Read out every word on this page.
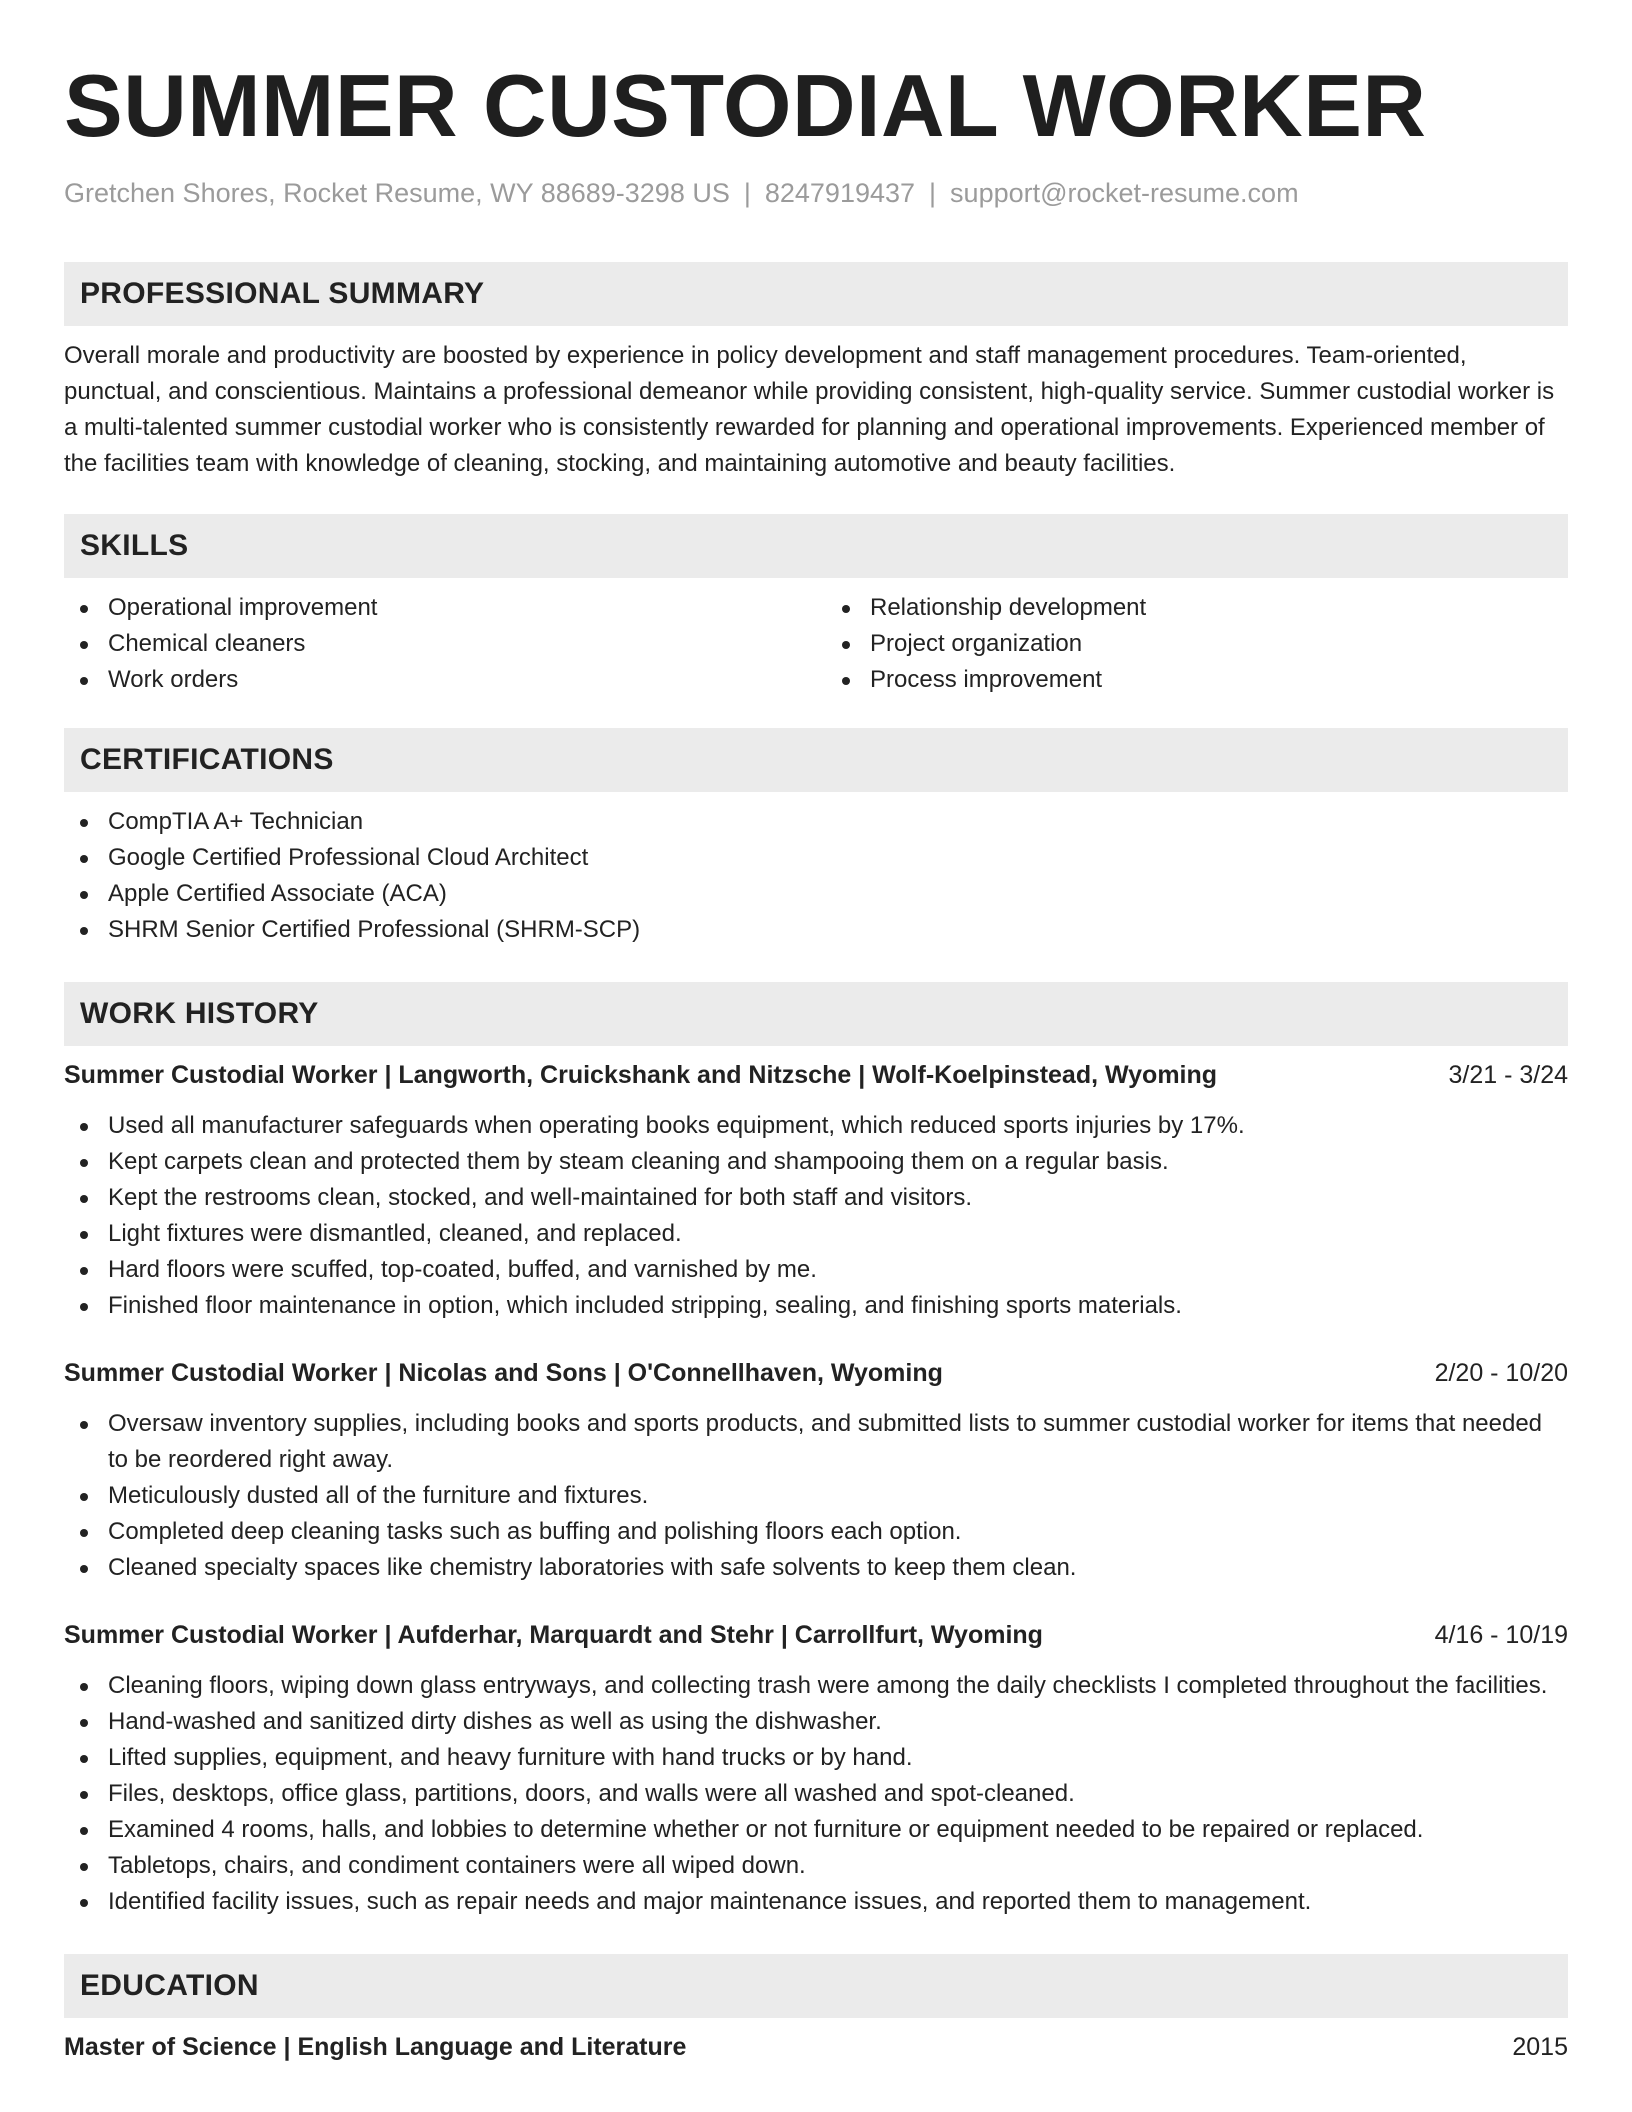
SUMMER CUSTODIAL WORKER
Gretchen Shores, Rocket Resume, WY 88689-3298 US | 8247919437 | support@rocket-resume.com
PROFESSIONAL SUMMARY
Overall morale and productivity are boosted by experience in policy development and staff management procedures. Team-oriented, punctual, and conscientious. Maintains a professional demeanor while providing consistent, high-quality service. Summer custodial worker is a multi-talented summer custodial worker who is consistently rewarded for planning and operational improvements. Experienced member of the facilities team with knowledge of cleaning, stocking, and maintaining automotive and beauty facilities.
SKILLS
Operational improvement
Chemical cleaners
Work orders
Relationship development
Project organization
Process improvement
CERTIFICATIONS
CompTIA A+ Technician
Google Certified Professional Cloud Architect
Apple Certified Associate (ACA)
SHRM Senior Certified Professional (SHRM-SCP)
WORK HISTORY
Summer Custodial Worker | Langworth, Cruickshank and Nitzsche | Wolf-Koelpinstead, Wyoming	3/21 - 3/24
Used all manufacturer safeguards when operating books equipment, which reduced sports injuries by 17%.
Kept carpets clean and protected them by steam cleaning and shampooing them on a regular basis.
Kept the restrooms clean, stocked, and well-maintained for both staff and visitors.
Light fixtures were dismantled, cleaned, and replaced.
Hard floors were scuffed, top-coated, buffed, and varnished by me.
Finished floor maintenance in option, which included stripping, sealing, and finishing sports materials.
Summer Custodial Worker | Nicolas and Sons | O'Connellhaven, Wyoming	2/20 - 10/20
Oversaw inventory supplies, including books and sports products, and submitted lists to summer custodial worker for items that needed to be reordered right away.
Meticulously dusted all of the furniture and fixtures.
Completed deep cleaning tasks such as buffing and polishing floors each option.
Cleaned specialty spaces like chemistry laboratories with safe solvents to keep them clean.
Summer Custodial Worker | Aufderhar, Marquardt and Stehr | Carrollfurt, Wyoming	4/16 - 10/19
Cleaning floors, wiping down glass entryways, and collecting trash were among the daily checklists I completed throughout the facilities.
Hand-washed and sanitized dirty dishes as well as using the dishwasher.
Lifted supplies, equipment, and heavy furniture with hand trucks or by hand.
Files, desktops, office glass, partitions, doors, and walls were all washed and spot-cleaned.
Examined 4 rooms, halls, and lobbies to determine whether or not furniture or equipment needed to be repaired or replaced.
Tabletops, chairs, and condiment containers were all wiped down.
Identified facility issues, such as repair needs and major maintenance issues, and reported them to management.
EDUCATION
Master of Science | English Language and Literature	2015
